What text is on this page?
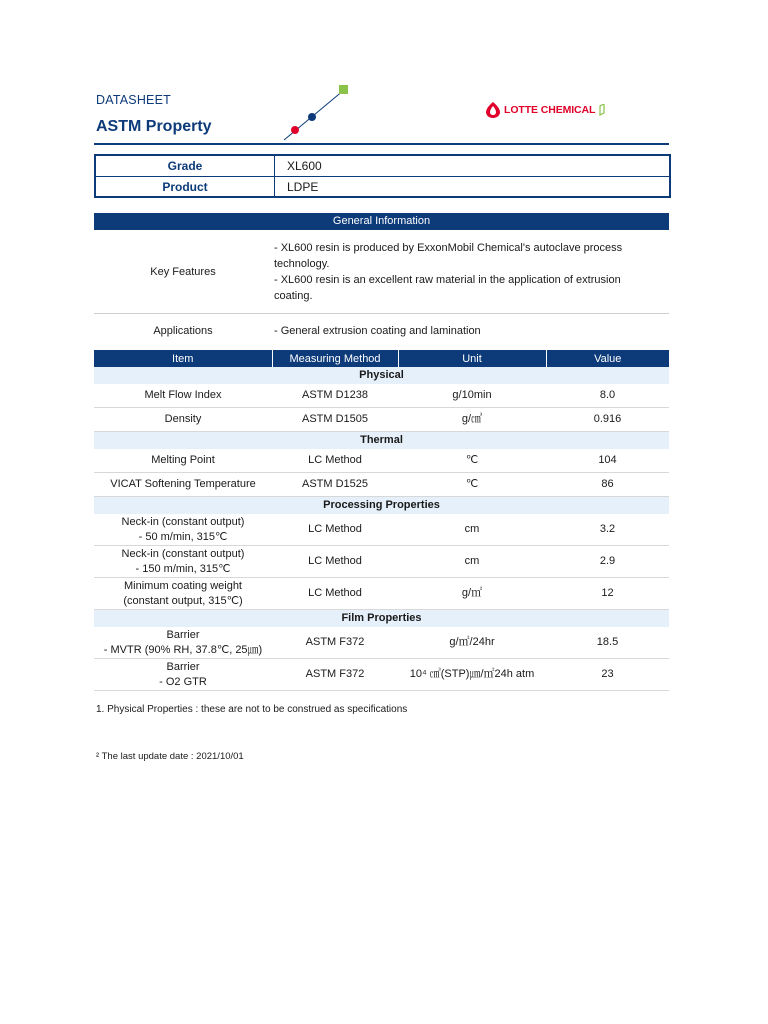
DATASHEET
ASTM Property
LOTTE CHEMICAL
Grade	XL600
Product	LDPE
General Information
Key Features
- XL600 resin is produced by ExxonMobil Chemical's autoclave process
technology.
- XL600 resin is an excellent raw material in the application of extrusion
coating.
Applications	- General extrusion coating and lamination
Item	Measuring Method	Unit	Value
Physical			
Melt Flow Index	ASTM D1238	g/10min	8.0
Density	ASTM D1505	g/㎤	0.916
Thermal			
Melting Point	LC Method	℃	104
VICAT Softening Temperature	ASTM D1525	℃	86
Processing Properties			

Neck-in (constant output)
- 50 m/min, 315℃	LC Method	cm	3.2

Neck-in (constant output)
- 150 m/min, 315℃	LC Method	cm	2.9

Minimum coating weight
(constant output, 315℃)	LC Method	g/㎡	12
Film Properties			

Barrier
- MVTR (90% RH, 37.8℃, 25㎛)	ASTM F372	g/㎡/24hr	18.5

Barrier
- O2 GTR	ASTM F372	10⁴ ㎤(STP)㎛/㎡24h atm	23
1. Physical Properties : these are not to be construed as specifications
² The last update date : 2021/10/01
